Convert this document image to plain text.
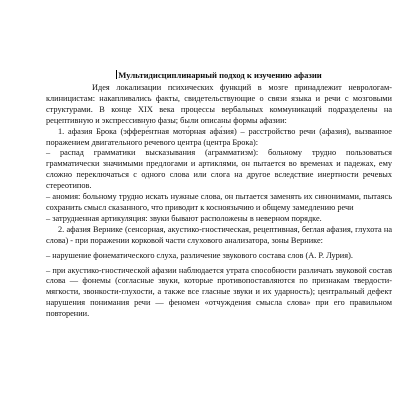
Мультидисциплинарный подход к изучению афазии

Идея локализации психических функций в мозге принадлежит неврологам-клиницистам: накапливались факты, свидетельствующие о связи языка и речи с мозговыми структурами. В конце XIX века процессы вербальных коммуникаций подразделены на рецептивную и экспрессивную фазы; были описаны формы афазии:

1. афазия Брока (эффере́нтная мото́рная афа́зия) – расстройство речи (афазия), вызванное поражением двигательного речевого центра (центра Брока):

– распад грамматики высказывания (аграмматизм): больному трудно пользоваться грамматически значимыми предлогами и артиклями, он пытается во временах и падежах, ему сложно переключаться с одного слова или слога на другое вследствие инертности речевых стереотипов.

– аномия: больному трудно искать нужные слова, он пытается заменять их синонимами, пытаясь сохранить смысл сказанного, что приводит к косноязычию и общему замедлению речи

– затрудненная артикуляция: звуки бывают расположены в неверном порядке.

2. афазия Вернике (сенсорная, акустико-гностическая, рецептивная, беглая афазия, глухота на слова) - при поражении корковой части слухового анализатора, зоны Вернике:

– нарушение фонематического слуха, различение звукового состава слов (А. Р. Лурия).

– при акустико-гностической афазии наблюдается утрата способности различать звуковой состав слова — фонемы (согласные звуки, которые противопоставляются по признакам твердости-мягкости, звонкости-глухости, а также все гласные звуки и их ударность); центральный дефект нарушения понимания речи — феномен «отчуждения смысла слова» при его правильном повторении.
